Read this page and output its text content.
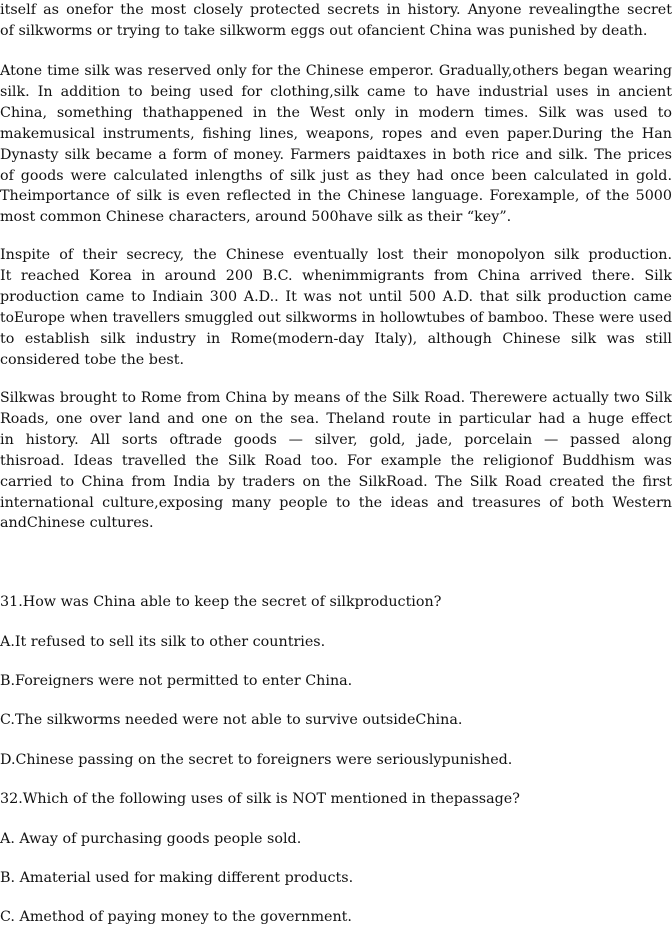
itself as onefor the most closely protected secrets in history. Anyone revealingthe secret
of silkworms or trying to take silkworm eggs out ofancient China was punished by death.
Atone time silk was reserved only for the Chinese emperor. Gradually,others began wearing
silk. In addition to being used for clothing,silk came to have industrial uses in ancient
China, something thathappened in the West only in modern times. Silk was used to
makemusical instruments, fishing lines, weapons, ropes and even paper.During the Han
Dynasty silk became a form of money. Farmers paidtaxes in both rice and silk. The prices
of goods were calculated inlengths of silk just as they had once been calculated in gold.
Theimportance of silk is even reflected in the Chinese language. Forexample, of the 5000
most common Chinese characters, around 500have silk as their “key”.
Inspite of their secrecy, the Chinese eventually lost their monopolyon silk production.
It reached Korea in around 200 B.C. whenimmigrants from China arrived there. Silk
production came to Indiain 300 A.D.. It was not until 500 A.D. that silk production came
toEurope when travellers smuggled out silkworms in hollowtubes of bamboo. These were used
to establish silk industry in Rome(modern-day Italy), although Chinese silk was still
considered tobe the best.
Silkwas brought to Rome from China by means of the Silk Road. Therewere actually two Silk
Roads, one over land and one on the sea. Theland route in particular had a huge effect
in history. All sorts oftrade goods — silver, gold, jade, porcelain — passed along
thisroad. Ideas travelled the Silk Road too. For example the religionof Buddhism was
carried to China from India by traders on the SilkRoad. The Silk Road created the first
international culture,exposing many people to the ideas and treasures of both Western
andChinese cultures.

31.How was China able to keep the secret of silkproduction?

A.It refused to sell its silk to other countries.

B.Foreigners were not permitted to enter China.

C.The silkworms needed were not able to survive outsideChina.

D.Chinese passing on the secret to foreigners were seriouslypunished.

32.Which of the following uses of silk is NOT mentioned in thepassage?

A. Away of purchasing goods people sold.

B. Amaterial used for making different products.

C. Amethod of paying money to the government.
